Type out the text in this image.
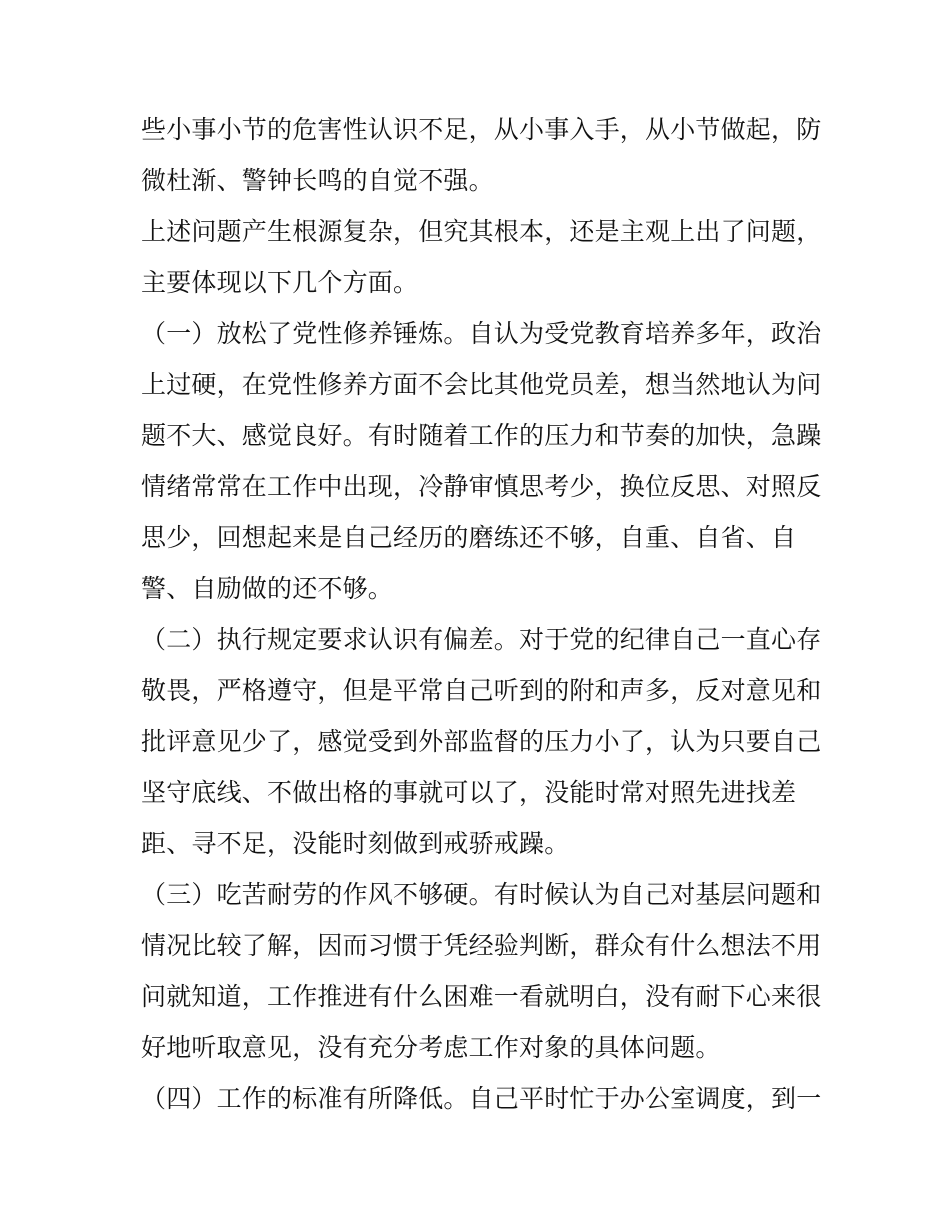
些小事小节的危害性认识不足，从小事入手，从小节做起，防
微杜渐、警钟长鸣的自觉不强。
上述问题产生根源复杂，但究其根本，还是主观上出了问题，
主要体现以下几个方面。
（一）放松了党性修养锤炼。自认为受党教育培养多年，政治
上过硬，在党性修养方面不会比其他党员差，想当然地认为问
题不大、感觉良好。有时随着工作的压力和节奏的加快，急躁
情绪常常在工作中出现，冷静审慎思考少，换位反思、对照反
思少，回想起来是自己经历的磨练还不够，自重、自省、自
警、自励做的还不够。
（二）执行规定要求认识有偏差。对于党的纪律自己一直心存
敬畏，严格遵守，但是平常自己听到的附和声多，反对意见和
批评意见少了，感觉受到外部监督的压力小了，认为只要自己
坚守底线、不做出格的事就可以了，没能时常对照先进找差
距、寻不足，没能时刻做到戒骄戒躁。
（三）吃苦耐劳的作风不够硬。有时候认为自己对基层问题和
情况比较了解，因而习惯于凭经验判断，群众有什么想法不用
问就知道，工作推进有什么困难一看就明白，没有耐下心来很
好地听取意见，没有充分考虑工作对象的具体问题。
（四）工作的标准有所降低。自己平时忙于办公室调度，到一
